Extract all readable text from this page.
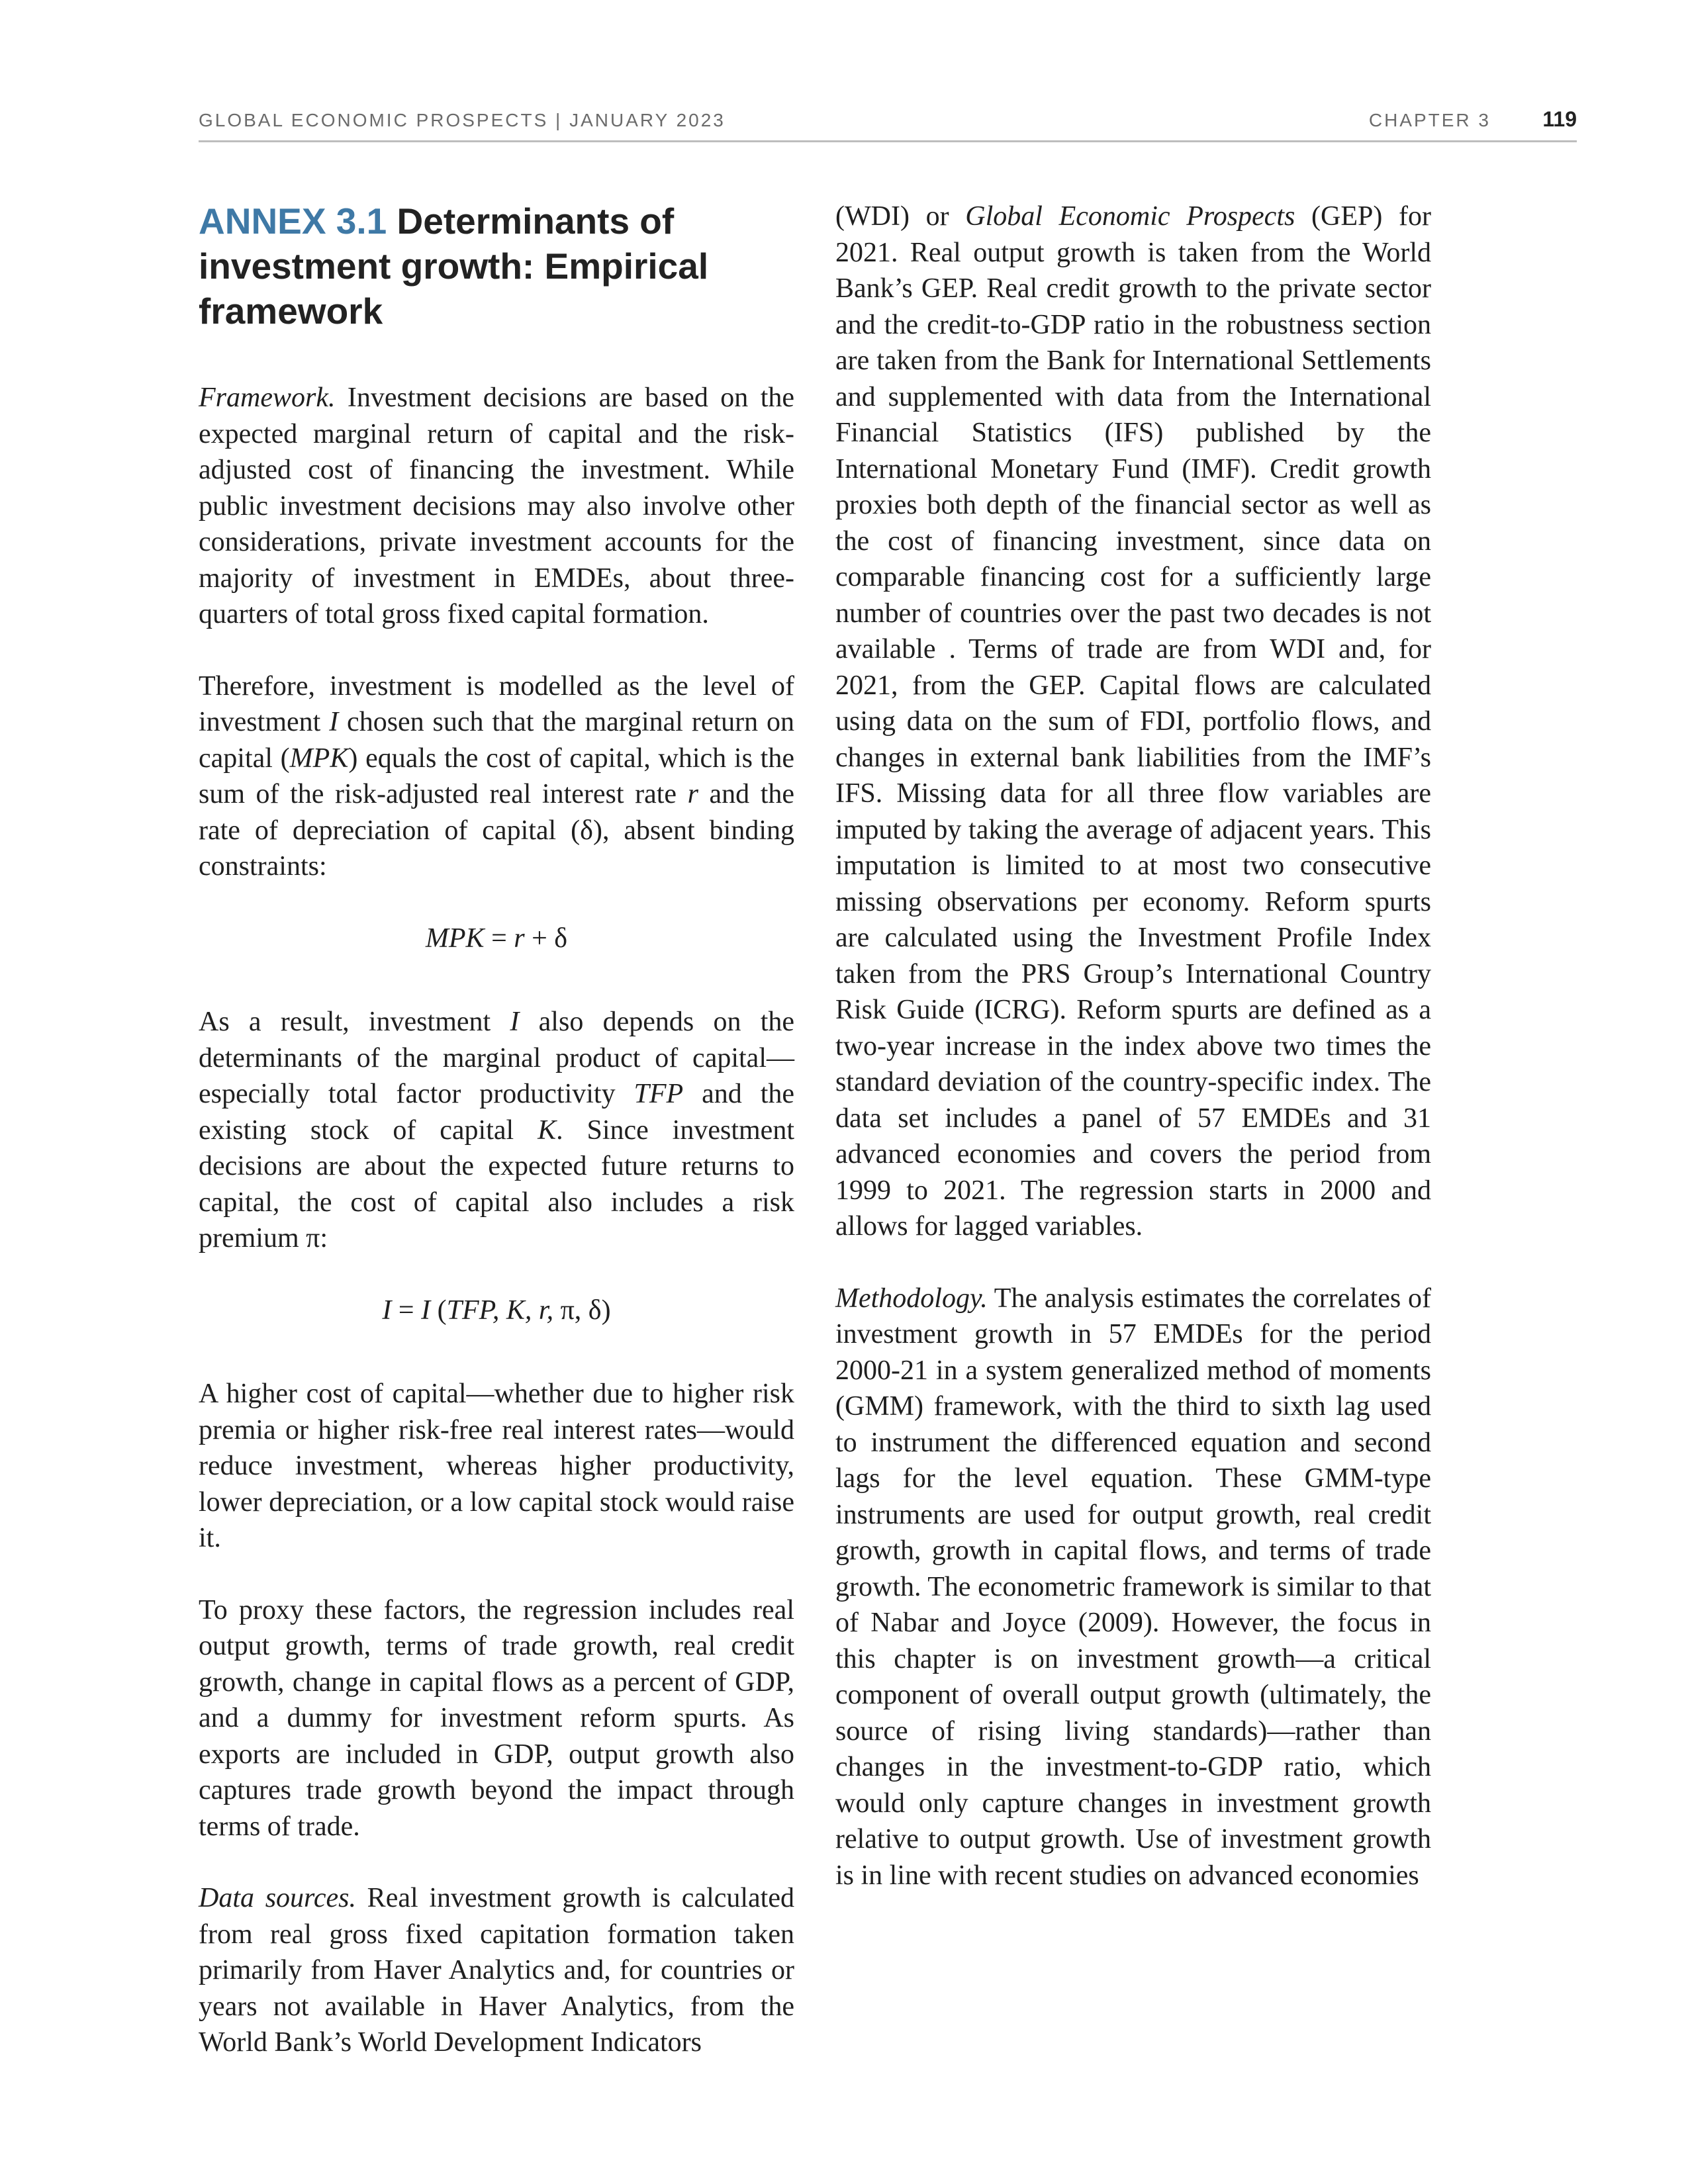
GLOBAL ECONOMIC PROSPECTS | JANUARY 2023	CHAPTER 3 119
ANNEX 3.1 Determinants of investment growth: Empirical framework

Framework. Investment decisions are based on the expected marginal return of capital and the risk-adjusted cost of financing the investment. While public investment decisions may also involve other considerations, private investment accounts for the majority of investment in EMDEs, about three-quarters of total gross fixed capital formation.

Therefore, investment is modelled as the level of investment I chosen such that the marginal return on capital (MPK) equals the cost of capital, which is the sum of the risk-adjusted real interest rate r and the rate of depreciation of capital (δ), absent binding constraints:

MPK = r + δ

As a result, investment I also depends on the determinants of the marginal product of capital—especially total factor productivity TFP and the existing stock of capital K. Since investment decisions are about the expected future returns to capital, the cost of capital also includes a risk premium π:

I = I (TFP, K, r, π, δ)

A higher cost of capital—whether due to higher risk premia or higher risk-free real interest rates—would reduce investment, whereas higher productivity, lower depreciation, or a low capital stock would raise it.

To proxy these factors, the regression includes real output growth, terms of trade growth, real credit growth, change in capital flows as a percent of GDP, and a dummy for investment reform spurts. As exports are included in GDP, output growth also captures trade growth beyond the impact through terms of trade.

Data sources. Real investment growth is calculated from real gross fixed capitation formation taken primarily from Haver Analytics and, for countries or years not available in Haver Analytics, from the World Bank’s World Development Indicators

(WDI) or Global Economic Prospects (GEP) for 2021. Real output growth is taken from the World Bank’s GEP. Real credit growth to the private sector and the credit-to-GDP ratio in the robustness section are taken from the Bank for International Settlements and supplemented with data from the International Financial Statistics (IFS) published by the International Monetary Fund (IMF). Credit growth proxies both depth of the financial sector as well as the cost of financing investment, since data on comparable financing cost for a sufficiently large number of countries over the past two decades is not available . Terms of trade are from WDI and, for 2021, from the GEP. Capital flows are calculated using data on the sum of FDI, portfolio flows, and changes in external bank liabilities from the IMF’s IFS. Missing data for all three flow variables are imputed by taking the average of adjacent years. This imputation is limited to at most two consecutive missing observations per economy. Reform spurts are calculated using the Investment Profile Index taken from the PRS Group’s International Country Risk Guide (ICRG). Reform spurts are defined as a two-year increase in the index above two times the standard deviation of the country-specific index. The data set includes a panel of 57 EMDEs and 31 advanced economies and covers the period from 1999 to 2021. The regression starts in 2000 and allows for lagged variables.

Methodology. The analysis estimates the correlates of investment growth in 57 EMDEs for the period 2000-21 in a system generalized method of moments (GMM) framework, with the third to sixth lag used to instrument the differenced equation and second lags for the level equation. These GMM-type instruments are used for output growth, real credit growth, growth in capital flows, and terms of trade growth. The econometric framework is similar to that of Nabar and Joyce (2009). However, the focus in this chapter is on investment growth—a critical component of overall output growth (ultimately, the source of rising living standards)—rather than changes in the investment-to-GDP ratio, which would only capture changes in investment growth relative to output growth. Use of investment growth is in line with recent studies on advanced economies
